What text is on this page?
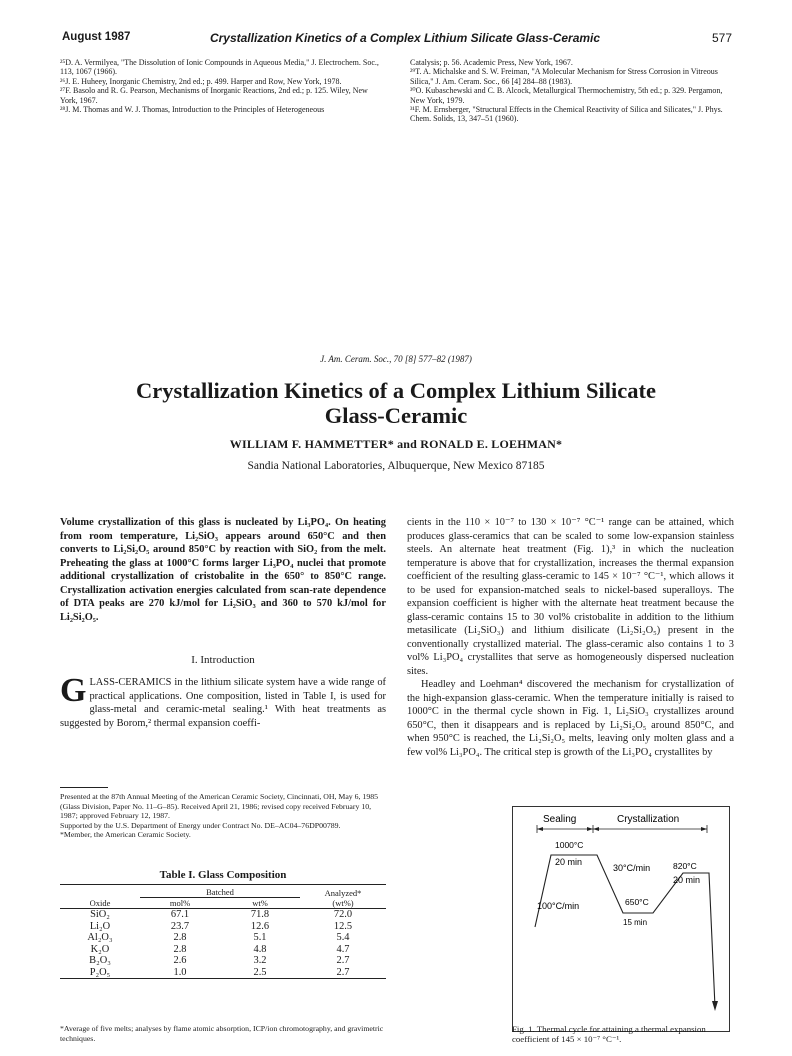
August 1987	Crystallization Kinetics of a Complex Lithium Silicate Glass-Ceramic	577

²⁵D. A. Vermilyea, "The Dissolution of Ionic Compounds in Aqueous Media," J. Electrochem. Soc., 113, 1067 (1966).

²⁶J. E. Huheey, Inorganic Chemistry, 2nd ed.; p. 499. Harper and Row, New York, 1978.

²⁷F. Basolo and R. G. Pearson, Mechanisms of Inorganic Reactions, 2nd ed.; p. 125. Wiley, New York, 1967.

²⁸J. M. Thomas and W. J. Thomas, Introduction to the Principles of Heterogeneous

Catalysis; p. 56. Academic Press, New York, 1967.

²⁹T. A. Michalske and S. W. Freiman, "A Molecular Mechanism for Stress Corrosion in Vitreous Silica," J. Am. Ceram. Soc., 66 [4] 284–88 (1983).

³⁰O. Kubaschewski and C. B. Alcock, Metallurgical Thermochemistry, 5th ed.; p. 329. Pergamon, New York, 1979.

³¹F. M. Ernsberger, "Structural Effects in the Chemical Reactivity of Silica and Silicates," J. Phys. Chem. Solids, 13, 347–51 (1960).

J. Am. Ceram. Soc., 70 [8] 577–82 (1987)
Crystallization Kinetics of a Complex Lithium Silicate
Glass-Ceramic
WILLIAM F. HAMMETTER* and RONALD E. LOEHMAN*
Sandia National Laboratories, Albuquerque, New Mexico 87185
Volume crystallization of this glass is nucleated by Li₃PO₄. On heating from room temperature, Li₂SiO₃ appears around 650°C and then converts to Li₂Si₂O₅ around 850°C by reaction with SiO₂ from the melt. Preheating the glass at 1000°C forms larger Li₃PO₄ nuclei that promote additional crystallization of cristobalite in the 650° to 850°C range. Crystallization activation energies calculated from scan-rate dependence of DTA peaks are 270 kJ/mol for Li₂SiO₃ and 360 to 570 kJ/mol for Li₂Si₂O₅.
I. Introduction
GLASS-CERAMICS in the lithium silicate system have a wide range of practical applications. One composition, listed in Table I, is used for glass-metal and ceramic-metal sealing.¹ With heat treatments as suggested by Borom,² thermal expansion coeffi-

Presented at the 87th Annual Meeting of the American Ceramic Society, Cincinnati, OH, May 6, 1985 (Glass Division, Paper No. 11–G–85). Received April 21, 1986; revised copy received February 10, 1987; approved February 12, 1987.

Supported by the U.S. Department of Energy under Contract No. DE–AC04–76DP00789.

*Member, the American Ceramic Society.

cients in the 110 × 10⁻⁷ to 130 × 10⁻⁷ °C⁻¹ range can be attained, which produces glass-ceramics that can be scaled to some low-expansion stainless steels. An alternate heat treatment (Fig. 1),³ in which the nucleation temperature is above that for crystallization, increases the thermal expansion coefficient of the resulting glass-ceramic to 145 × 10⁻⁷ °C⁻¹, which allows it to be used for expansion-matched seals to nickel-based superalloys. The expansion coefficient is higher with the alternate heat treatment because the glass-ceramic contains 15 to 30 vol% cristobalite in addition to the lithium metasilicate (Li₂SiO₃) and lithium disilicate (Li₂Si₂O₅) present in the conventionally crystallized material. The glass-ceramic also contains 1 to 3 vol% Li₃PO₄ crystallites that serve as homogeneously dispersed nucleation sites.

Headley and Loehman⁴ discovered the mechanism for crystallization of the high-expansion glass-ceramic. When the temperature initially is raised to 1000°C in the thermal cycle shown in Fig. 1, Li₂SiO₃ crystallizes around 650°C, then it disappears and is replaced by Li₂Si₂O₅ around 850°C, and when 950°C is reached, the Li₂Si₂O₅ melts, leaving only molten glass and a few vol% Li₃PO₄. The critical step is growth of the Li₃PO₄ crystallites by

Table I. Glass Composition
	Batched		Analyzed*
Oxide	mol%	wt%	(wt%)
SiO₂	67.1	71.8	72.0
Li₂O	23.7	12.6	12.5
Al₂O₃	2.8	5.1	5.4
K₂O	2.8	4.8	4.7
B₂O₃	2.6	3.2	2.7
P₂O₅	1.0	2.5	2.7
*Average of five melts; analyses by flame atomic absorption, ICP/ion chromotography, and gravimetric techniques.
Sealing	Crystallization
1000°C
20 min
30°C/min	820°C
20 min
650°C
100°C/min
15 min
Fig. 1. Thermal cycle for attaining a thermal expansion coefficient of 145 × 10⁻⁷ °C⁻¹.
